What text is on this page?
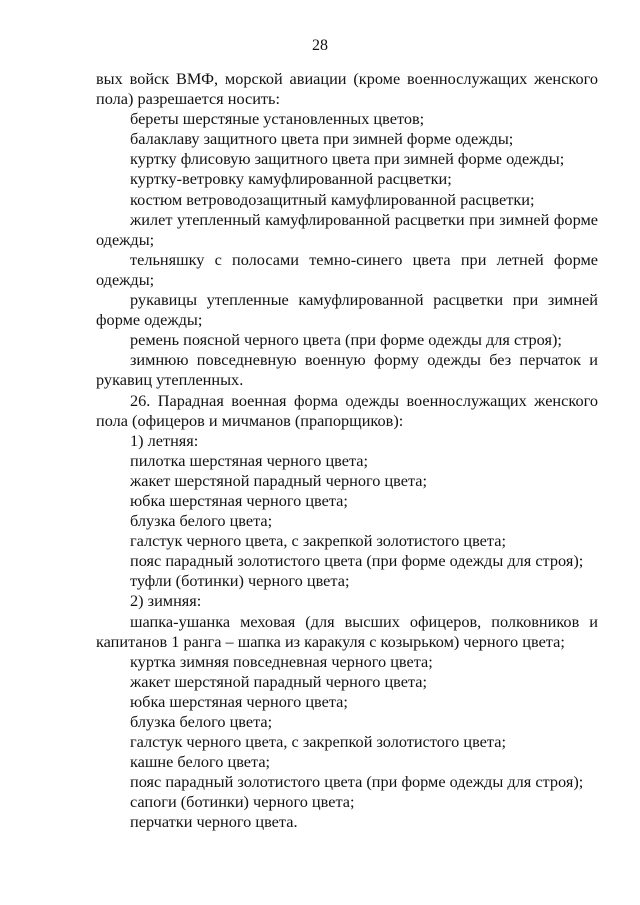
28

вых войск ВМФ, морской авиации (кроме военнослужащих женского пола) разрешается носить:

береты шерстяные установленных цветов;

балаклаву защитного цвета при зимней форме одежды;

куртку флисовую защитного цвета при зимней форме одежды;

куртку-ветровку камуфлированной расцветки;

костюм ветроводозащитный камуфлированной расцветки;

жилет утепленный камуфлированной расцветки при зимней форме одежды;

тельняшку с полосами темно-синего цвета при летней форме одежды;

рукавицы утепленные камуфлированной расцветки при зимней форме одежды;

ремень поясной черного цвета (при форме одежды для строя);

зимнюю повседневную военную форму одежды без перчаток и рукавиц утепленных.

26. Парадная военная форма одежды военнослужащих женского пола (офицеров и мичманов (прапорщиков):

1) летняя:

пилотка шерстяная черного цвета;

жакет шерстяной парадный черного цвета;

юбка шерстяная черного цвета;

блузка белого цвета;

галстук черного цвета, с закрепкой золотистого цвета;

пояс парадный золотистого цвета (при форме одежды для строя);

туфли (ботинки) черного цвета;

2) зимняя:

шапка-ушанка меховая (для высших офицеров, полковников и капитанов 1 ранга – шапка из каракуля с козырьком) черного цвета;

куртка зимняя повседневная черного цвета;

жакет шерстяной парадный черного цвета;

юбка шерстяная черного цвета;

блузка белого цвета;

галстук черного цвета, с закрепкой золотистого цвета;

кашне белого цвета;

пояс парадный золотистого цвета (при форме одежды для строя);

сапоги (ботинки) черного цвета;

перчатки черного цвета.
